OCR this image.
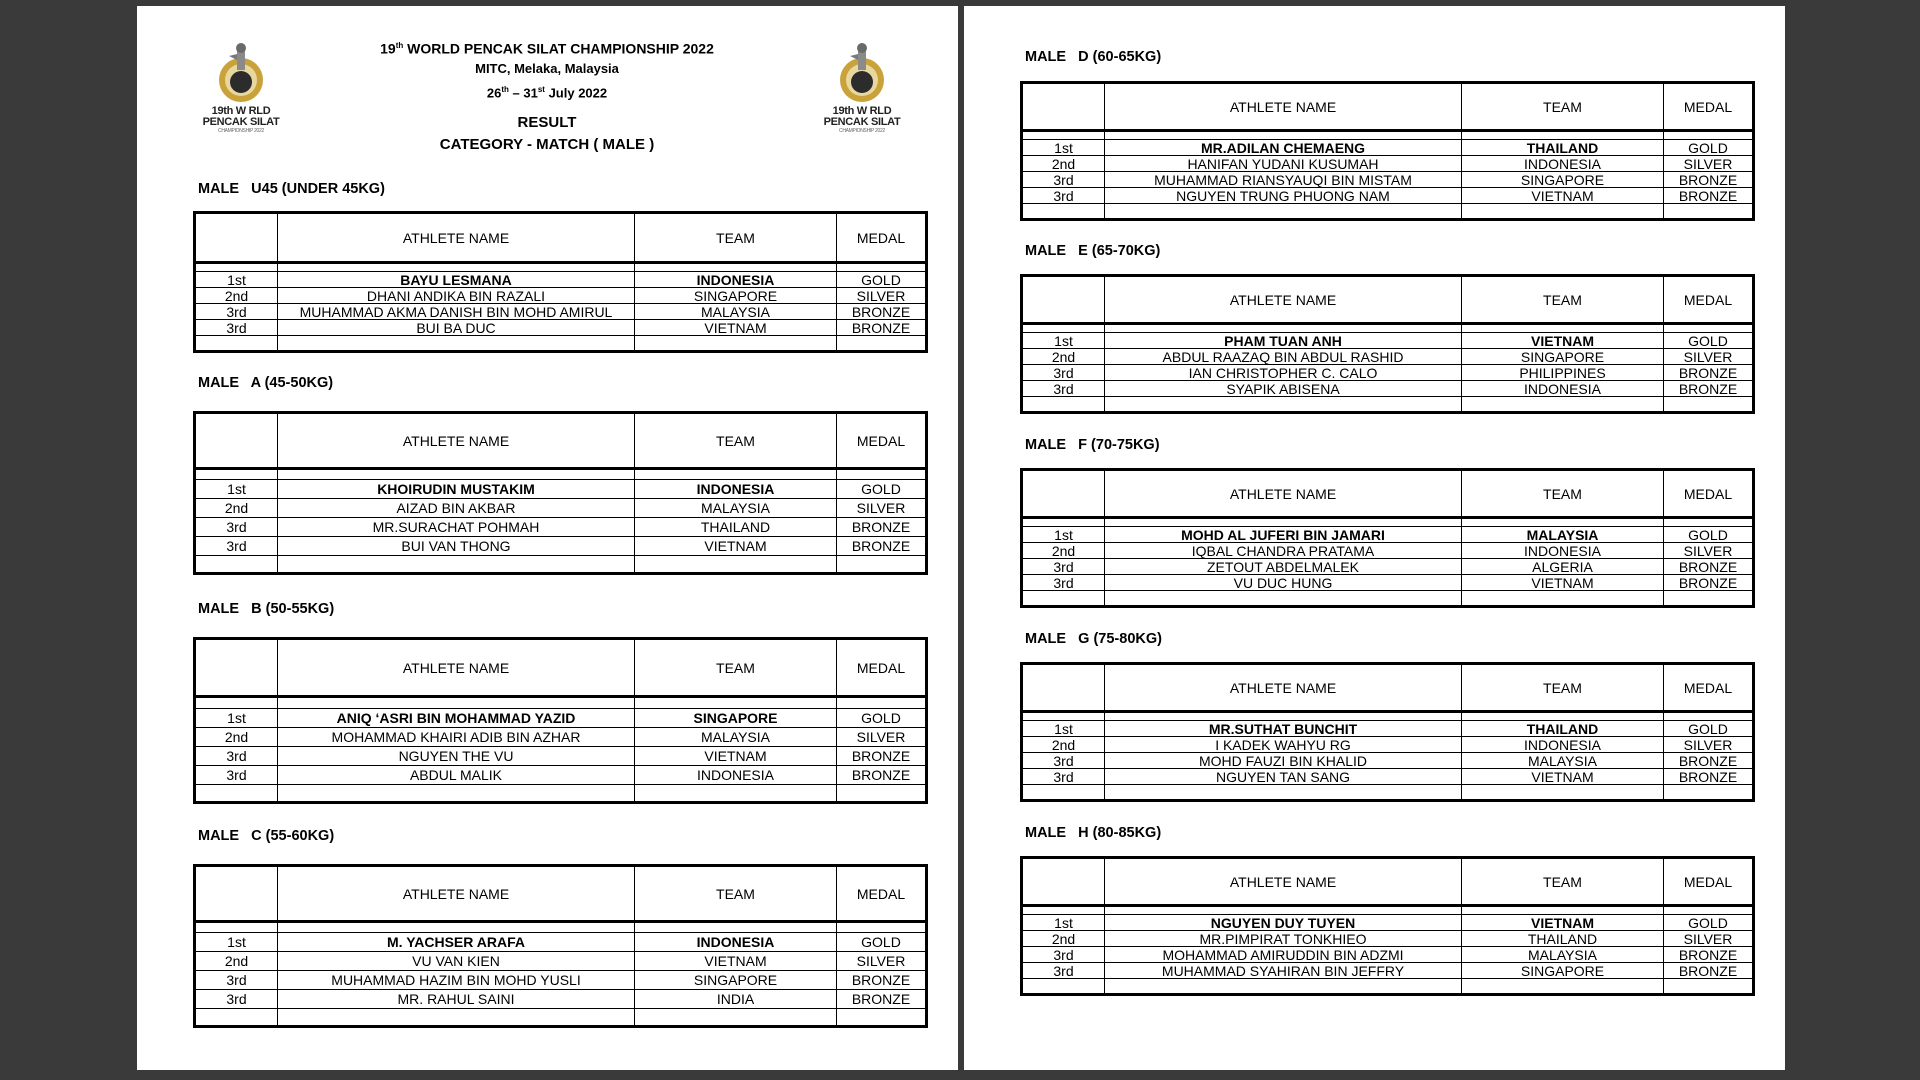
19th W RLD
PENCAK SILAT
CHAMPIONSHIP 2022
19th WORLD PENCAK SILAT CHAMPIONSHIP 2022
MITC, Melaka, Malaysia
26th – 31st July 2022
RESULT
CATEGORY - MATCH ( MALE )
19th W RLD
PENCAK SILAT
CHAMPIONSHIP 2022
MALE   U45 (UNDER 45KG)
	ATHLETE NAME	TEAM	MEDAL

1st	BAYU LESMANA	INDONESIA	GOLD
2nd	DHANI ANDIKA BIN RAZALI	SINGAPORE	SILVER
3rd	MUHAMMAD AKMA DANISH BIN MOHD AMIRUL	MALAYSIA	BRONZE
3rd	BUI BA DUC	VIETNAM	BRONZE

MALE   A (45-50KG)
	ATHLETE NAME	TEAM	MEDAL

1st	KHOIRUDIN MUSTAKIM	INDONESIA	GOLD
2nd	AIZAD BIN AKBAR	MALAYSIA	SILVER
3rd	MR.SURACHAT POHMAH	THAILAND	BRONZE
3rd	BUI VAN THONG	VIETNAM	BRONZE

MALE   B (50-55KG)
	ATHLETE NAME	TEAM	MEDAL

1st	ANIQ ‘ASRI BIN MOHAMMAD YAZID	SINGAPORE	GOLD
2nd	MOHAMMAD KHAIRI ADIB BIN AZHAR	MALAYSIA	SILVER
3rd	NGUYEN THE VU	VIETNAM	BRONZE
3rd	ABDUL MALIK	INDONESIA	BRONZE

MALE   C (55-60KG)
	ATHLETE NAME	TEAM	MEDAL

1st	M. YACHSER ARAFA	INDONESIA	GOLD
2nd	VU VAN KIEN	VIETNAM	SILVER
3rd	MUHAMMAD HAZIM BIN MOHD YUSLI	SINGAPORE	BRONZE
3rd	MR. RAHUL SAINI	INDIA	BRONZE

MALE   D (60-65KG)
	ATHLETE NAME	TEAM	MEDAL

1st	MR.ADILAN CHEMAENG	THAILAND	GOLD
2nd	HANIFAN YUDANI KUSUMAH	INDONESIA	SILVER
3rd	MUHAMMAD RIANSYAUQI BIN MISTAM	SINGAPORE	BRONZE
3rd	NGUYEN TRUNG PHUONG NAM	VIETNAM	BRONZE

MALE   E (65-70KG)
	ATHLETE NAME	TEAM	MEDAL

1st	PHAM TUAN ANH	VIETNAM	GOLD
2nd	ABDUL RAAZAQ BIN ABDUL RASHID	SINGAPORE	SILVER
3rd	IAN CHRISTOPHER C. CALO	PHILIPPINES	BRONZE
3rd	SYAPIK ABISENA	INDONESIA	BRONZE

MALE   F (70-75KG)
	ATHLETE NAME	TEAM	MEDAL

1st	MOHD AL JUFERI BIN JAMARI	MALAYSIA	GOLD
2nd	IQBAL CHANDRA PRATAMA	INDONESIA	SILVER
3rd	ZETOUT ABDELMALEK	ALGERIA	BRONZE
3rd	VU DUC HUNG	VIETNAM	BRONZE

MALE   G (75-80KG)
	ATHLETE NAME	TEAM	MEDAL

1st	MR.SUTHAT BUNCHIT	THAILAND	GOLD
2nd	I KADEK WAHYU RG	INDONESIA	SILVER
3rd	MOHD FAUZI BIN KHALID	MALAYSIA	BRONZE
3rd	NGUYEN TAN SANG	VIETNAM	BRONZE

MALE   H (80-85KG)
	ATHLETE NAME	TEAM	MEDAL

1st	NGUYEN DUY TUYEN	VIETNAM	GOLD
2nd	MR.PIMPIRAT TONKHIEO	THAILAND	SILVER
3rd	MOHAMMAD AMIRUDDIN BIN ADZMI	MALAYSIA	BRONZE
3rd	MUHAMMAD SYAHIRAN BIN JEFFRY	SINGAPORE	BRONZE
